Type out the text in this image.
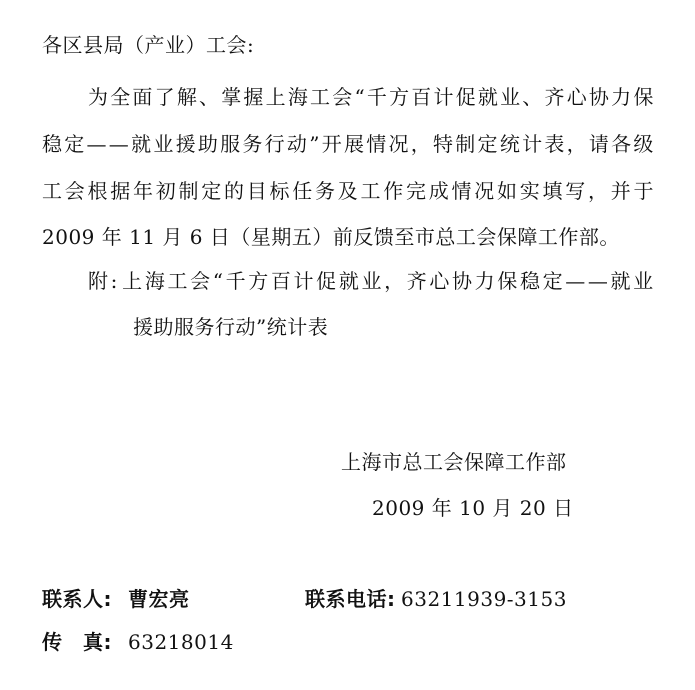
各区县局（产业）工会:
为 全 面 了 解 、 掌 握 上 海 工 会 “ 千 方 百 计 促 就 业 、 齐 心 协 力 保
稳 定 — — 就 业 援 助 服 务 行 动 ” 开 展 情 况 ， 特 制 定 统 计 表 ， 请 各 级
工 会 根 据 年 初 制 定 的 目 标 任 务 及 工 作 完 成 情 况 如 实 填 写 ， 并 于
2009 年 11 月 6 日（星期五）前反馈至市总工会保障工作部。
附 : 上 海 工 会 “ 千 方 百 计 促 就 业 ， 齐 心 协 力 保 稳 定 — — 就 业
援助服务行动”统计表
上海市总工会保障工作部
2009 年 10 月 20 日
联系人: 曹宏亮	联系电话: 63211939-3153
传　真: 63218014
